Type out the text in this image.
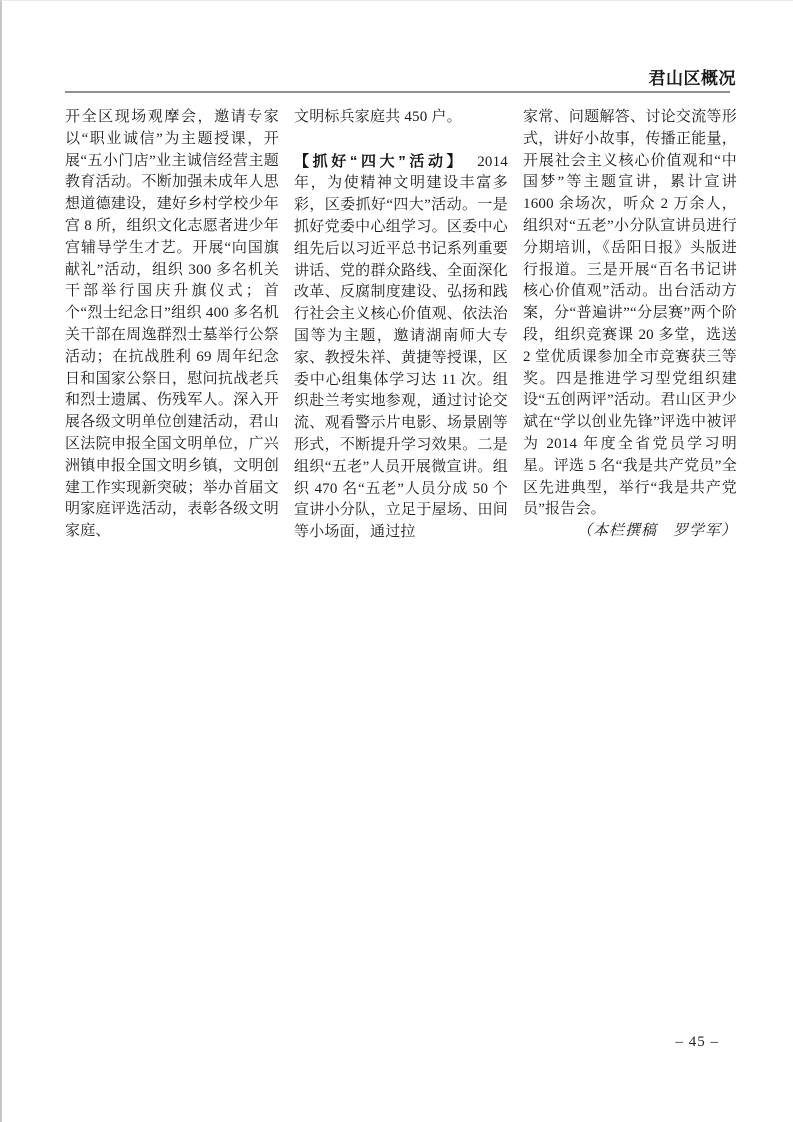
君山区概况

开全区现场观摩会，邀请专家以“职业诚信”为主题授课，开展“五小门店”业主诚信经营主题教育活动。不断加强未成年人思想道德建设，建好乡村学校少年宫 8 所，组织文化志愿者进少年宫辅导学生才艺。开展“向国旗献礼”活动，组织 300 多名机关干部举行国庆升旗仪式；首个“烈士纪念日”组织 400 多名机关干部在周逸群烈士墓举行公祭活动；在抗战胜利 69 周年纪念日和国家公祭日，慰问抗战老兵和烈士遗属、伤残军人。深入开展各级文明单位创建活动，君山区法院申报全国文明单位，广兴洲镇申报全国文明乡镇，文明创建工作实现新突破；举办首届文明家庭评选活动，表彰各级文明家庭、

文明标兵家庭共 450 户。

【抓好“四大”活动】 2014 年，为使精神文明建设丰富多彩，区委抓好“四大”活动。一是抓好党委中心组学习。区委中心组先后以习近平总书记系列重要讲话、党的群众路线、全面深化改革、反腐制度建设、弘扬和践行社会主义核心价值观、依法治国等为主题，邀请湖南师大专家、教授朱祥、黄捷等授课，区委中心组集体学习达 11 次。组织赴兰考实地参观，通过讨论交流、观看警示片电影、场景剧等形式，不断提升学习效果。二是组织“五老”人员开展微宣讲。组织 470 名“五老”人员分成 50 个宣讲小分队，立足于屋场、田间等小场面，通过拉

家常、问题解答、讨论交流等形式，讲好小故事，传播正能量，开展社会主义核心价值观和“中国梦”等主题宣讲，累计宣讲 1600 余场次，听众 2 万余人，组织对“五老”小分队宣讲员进行分期培训，《岳阳日报》头版进行报道。三是开展“百名书记讲核心价值观”活动。出台活动方案，分“普遍讲”“分层赛”两个阶段，组织竞赛课 20 多堂，选送 2 堂优质课参加全市竞赛获三等奖。四是推进学习型党组织建设“五创两评”活动。君山区尹少斌在“学以创业先锋”评选中被评为 2014 年度全省党员学习明星。评选 5 名“我是共产党员”全区先进典型，举行“我是共产党员”报告会。

（本栏撰稿　罗学军）

– 45 –
